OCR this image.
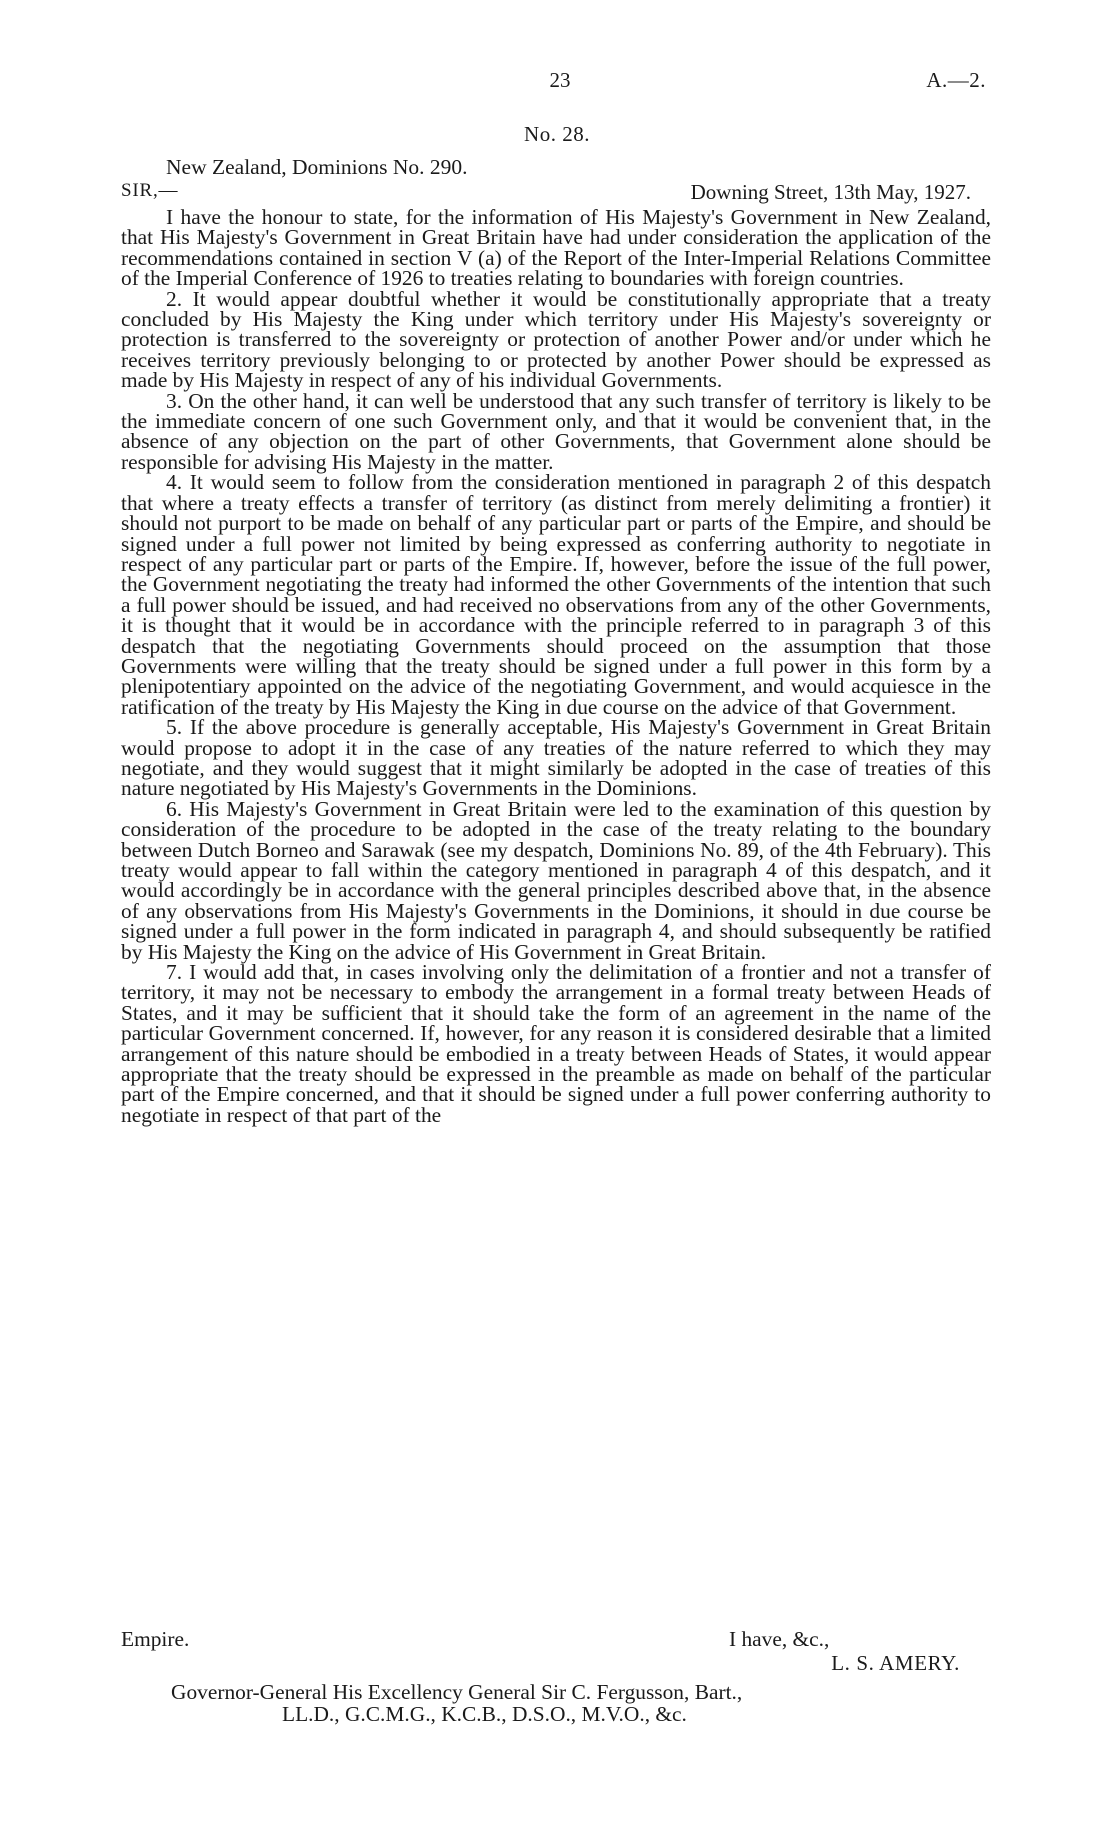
23	A.—2.
No. 28.
New Zealand, Dominions No. 290.
SIR,—	Downing Street, 13th May, 1927.

I have the honour to state, for the information of His Majesty's Government in New Zealand, that His Majesty's Government in Great Britain have had under consideration the application of the recommendations contained in section V (a) of the Report of the Inter-Imperial Relations Committee of the Imperial Conference of 1926 to treaties relating to boundaries with foreign countries.

2. It would appear doubtful whether it would be constitutionally appropriate that a treaty concluded by His Majesty the King under which territory under His Majesty's sovereignty or protection is transferred to the sovereignty or protection of another Power and/or under which he receives territory previously belonging to or protected by another Power should be expressed as made by His Majesty in respect of any of his individual Governments.

3. On the other hand, it can well be understood that any such transfer of territory is likely to be the immediate concern of one such Government only, and that it would be convenient that, in the absence of any objection on the part of other Governments, that Government alone should be responsible for advising His Majesty in the matter.

4. It would seem to follow from the consideration mentioned in paragraph 2 of this despatch that where a treaty effects a transfer of territory (as distinct from merely delimiting a frontier) it should not purport to be made on behalf of any particular part or parts of the Empire, and should be signed under a full power not limited by being expressed as conferring authority to negotiate in respect of any particular part or parts of the Empire. If, however, before the issue of the full power, the Government negotiating the treaty had informed the other Governments of the intention that such a full power should be issued, and had received no observations from any of the other Governments, it is thought that it would be in accordance with the principle referred to in paragraph 3 of this despatch that the negotiating Governments should proceed on the assumption that those Governments were willing that the treaty should be signed under a full power in this form by a plenipotentiary appointed on the advice of the negotiating Government, and would acquiesce in the ratification of the treaty by His Majesty the King in due course on the advice of that Government.

5. If the above procedure is generally acceptable, His Majesty's Government in Great Britain would propose to adopt it in the case of any treaties of the nature referred to which they may negotiate, and they would suggest that it might similarly be adopted in the case of treaties of this nature negotiated by His Majesty's Governments in the Dominions.

6. His Majesty's Government in Great Britain were led to the examination of this question by consideration of the procedure to be adopted in the case of the treaty relating to the boundary between Dutch Borneo and Sarawak (see my despatch, Dominions No. 89, of the 4th February). This treaty would appear to fall within the category mentioned in paragraph 4 of this despatch, and it would accordingly be in accordance with the general principles described above that, in the absence of any observations from His Majesty's Governments in the Dominions, it should in due course be signed under a full power in the form indicated in paragraph 4, and should subsequently be ratified by His Majesty the King on the advice of His Government in Great Britain.

7. I would add that, in cases involving only the delimitation of a frontier and not a transfer of territory, it may not be necessary to embody the arrangement in a formal treaty between Heads of States, and it may be sufficient that it should take the form of an agreement in the name of the particular Government concerned. If, however, for any reason it is considered desirable that a limited arrangement of this nature should be embodied in a treaty between Heads of States, it would appear appropriate that the treaty should be expressed in the preamble as made on behalf of the particular part of the Empire concerned, and that it should be signed under a full power conferring authority to negotiate in respect of that part of the

Empire.	I have, &c.,
L. S. AMERY.
Governor-General His Excellency General Sir C. Fergusson, Bart.,
LL.D., G.C.M.G., K.C.B., D.S.O., M.V.O., &c.
